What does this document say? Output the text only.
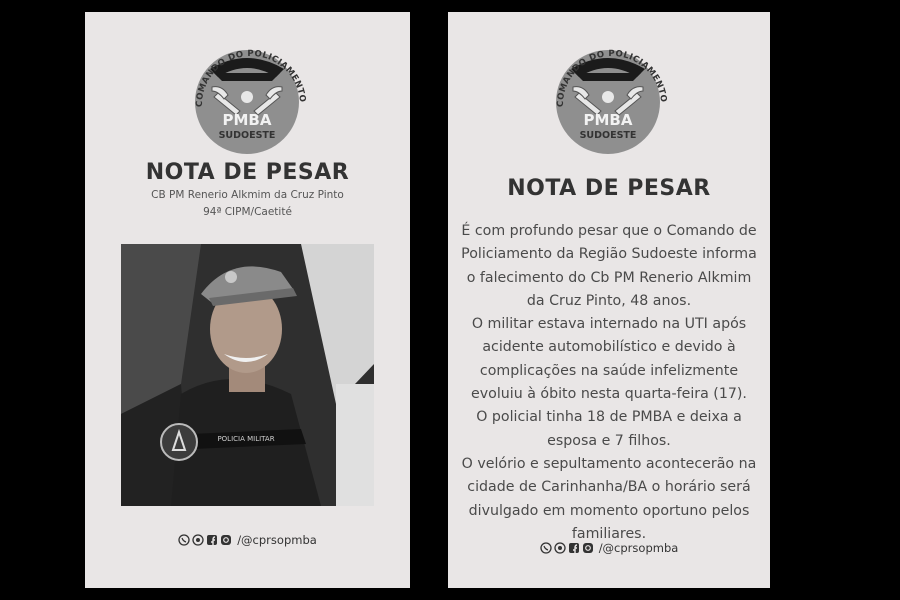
COMANDO DO POLICIAMENTO
PMBA
SUDOESTE
NOTA DE PESAR
CB PM Renerio Alkmim da Cruz Pinto
94ª CIPM/Caetité
POLICIA MILITAR
/@cprsopmba
COMANDO DO POLICIAMENTO
PMBA
SUDOESTE
NOTA DE PESAR

É com profundo pesar que o Comando de Policiamento da Região Sudoeste informa o falecimento do Cb PM Renerio Alkmim da Cruz Pinto, 48 anos.

O militar estava internado na UTI após acidente automobilístico e devido à complicações na saúde infelizmente evoluiu à óbito nesta quarta-feira (17).

O policial tinha 18 de PMBA e deixa a esposa e 7 filhos.

O velório e sepultamento acontecerão na cidade de Carinhanha/BA o horário será divulgado em momento oportuno pelos familiares.

/@cprsopmba
